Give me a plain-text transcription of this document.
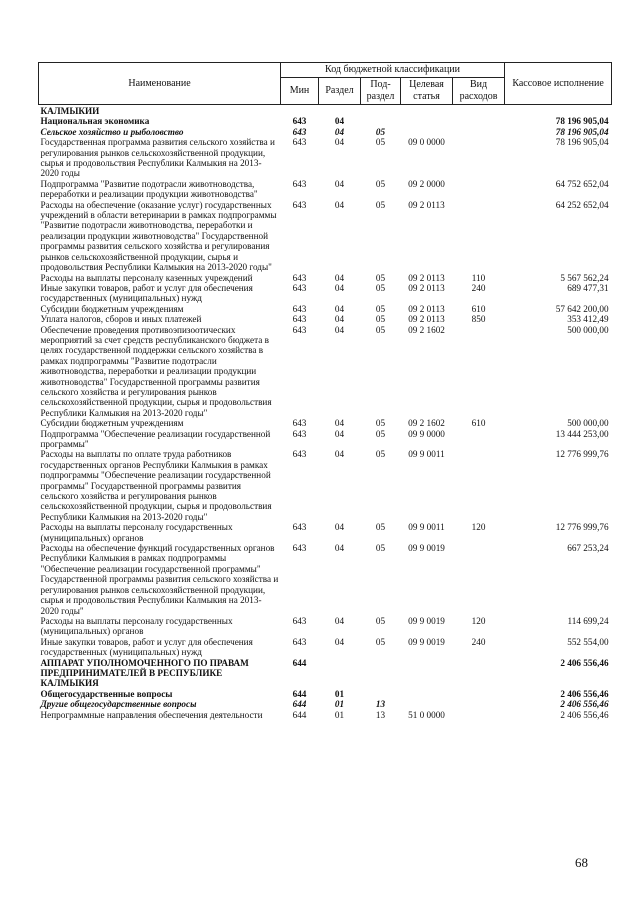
Наименование	Код бюджетной классификации					Кассовое исполнение
	Мин	Раздел	Под- раздел	Целевая статья	Вид расходов	
КАЛМЫКИИ						
Национальная экономика	643	04				78 196 905,04
Сельское хозяйство и рыболовство	643	04	05			78 196 905,04
Государственная программа развития сельского хозяйства и регулирования рынков сельскохозяйственной продукции, сырья и продовольствия Республики Калмыкия на 2013-2020 годы	643	04	05	09 0 0000		78 196 905,04
Подпрограмма "Развитие подотрасли животноводства, переработки и реализации продукции животноводства"	643	04	05	09 2 0000		64 752 652,04
Расходы на обеспечение (оказание услуг) государственных учреждений в области ветеринарии в рамках подпрограммы "Развитие подотрасли животноводства, переработки и реализации продукции животноводства" Государственной программы развития сельского хозяйства и регулирования рынков сельскохозяйственной продукции, сырья и продовольствия Республики Калмыкия на 2013-2020 годы"	643	04	05	09 2 0113		64 252 652,04
Расходы на выплаты персоналу казенных учреждений	643	04	05	09 2 0113	110	5 567 562,24
Иные закупки товаров, работ и услуг для обеспечения государственных (муниципальных) нужд	643	04	05	09 2 0113	240	689 477,31
Субсидии бюджетным учреждениям	643	04	05	09 2 0113	610	57 642 200,00
Уплата налогов, сборов и иных платежей	643	04	05	09 2 0113	850	353 412,49
Обеспечение проведения противоэпизоотических мероприятий за счет средств республиканского бюджета в целях государственной поддержки сельского хозяйства в рамках подпрограммы "Развитие подотрасли животноводства, переработки и реализации продукции животноводства" Государственной программы развития сельского хозяйства и регулирования рынков сельскохозяйственной продукции, сырья и продовольствия Республики Калмыкия на 2013-2020 годы"	643	04	05	09 2 1602		500 000,00
Субсидии бюджетным учреждениям	643	04	05	09 2 1602	610	500 000,00
Подпрограмма "Обеспечение реализации государственной программы"	643	04	05	09 9 0000		13 444 253,00
Расходы на выплаты по оплате труда работников государственных органов Республики Калмыкия в рамках подпрограммы "Обеспечение реализации государственной программы" Государственной программы развития сельского хозяйства и регулирования рынков сельскохозяйственной продукции, сырья и продовольствия Республики Калмыкия на 2013-2020 годы"	643	04	05	09 9 0011		12 776 999,76
Расходы на выплаты персоналу государственных (муниципальных) органов	643	04	05	09 9 0011	120	12 776 999,76
Расходы на обеспечение функций государственных органов Республики Калмыкия в рамках подпрограммы "Обеспечение реализации государственной программы" Государственной программы развития сельского хозяйства и регулирования рынков сельскохозяйственной продукции, сырья и продовольствия Республики Калмыкия на 2013-2020 годы"	643	04	05	09 9 0019		667 253,24
Расходы на выплаты персоналу государственных (муниципальных) органов	643	04	05	09 9 0019	120	114 699,24
Иные закупки товаров, работ и услуг для обеспечения государственных (муниципальных) нужд	643	04	05	09 9 0019	240	552 554,00
АППАРАТ УПОЛНОМОЧЕННОГО ПО ПРАВАМ ПРЕДПРИНИМАТЕЛЕЙ В РЕСПУБЛИКЕ КАЛМЫКИЯ	644					2 406 556,46
Общегосударственные вопросы	644	01				2 406 556,46
Другие общегосударственные вопросы	644	01	13			2 406 556,46
Непрограммные направления обеспечения деятельности	644	01	13	51 0 0000		2 406 556,46
68
